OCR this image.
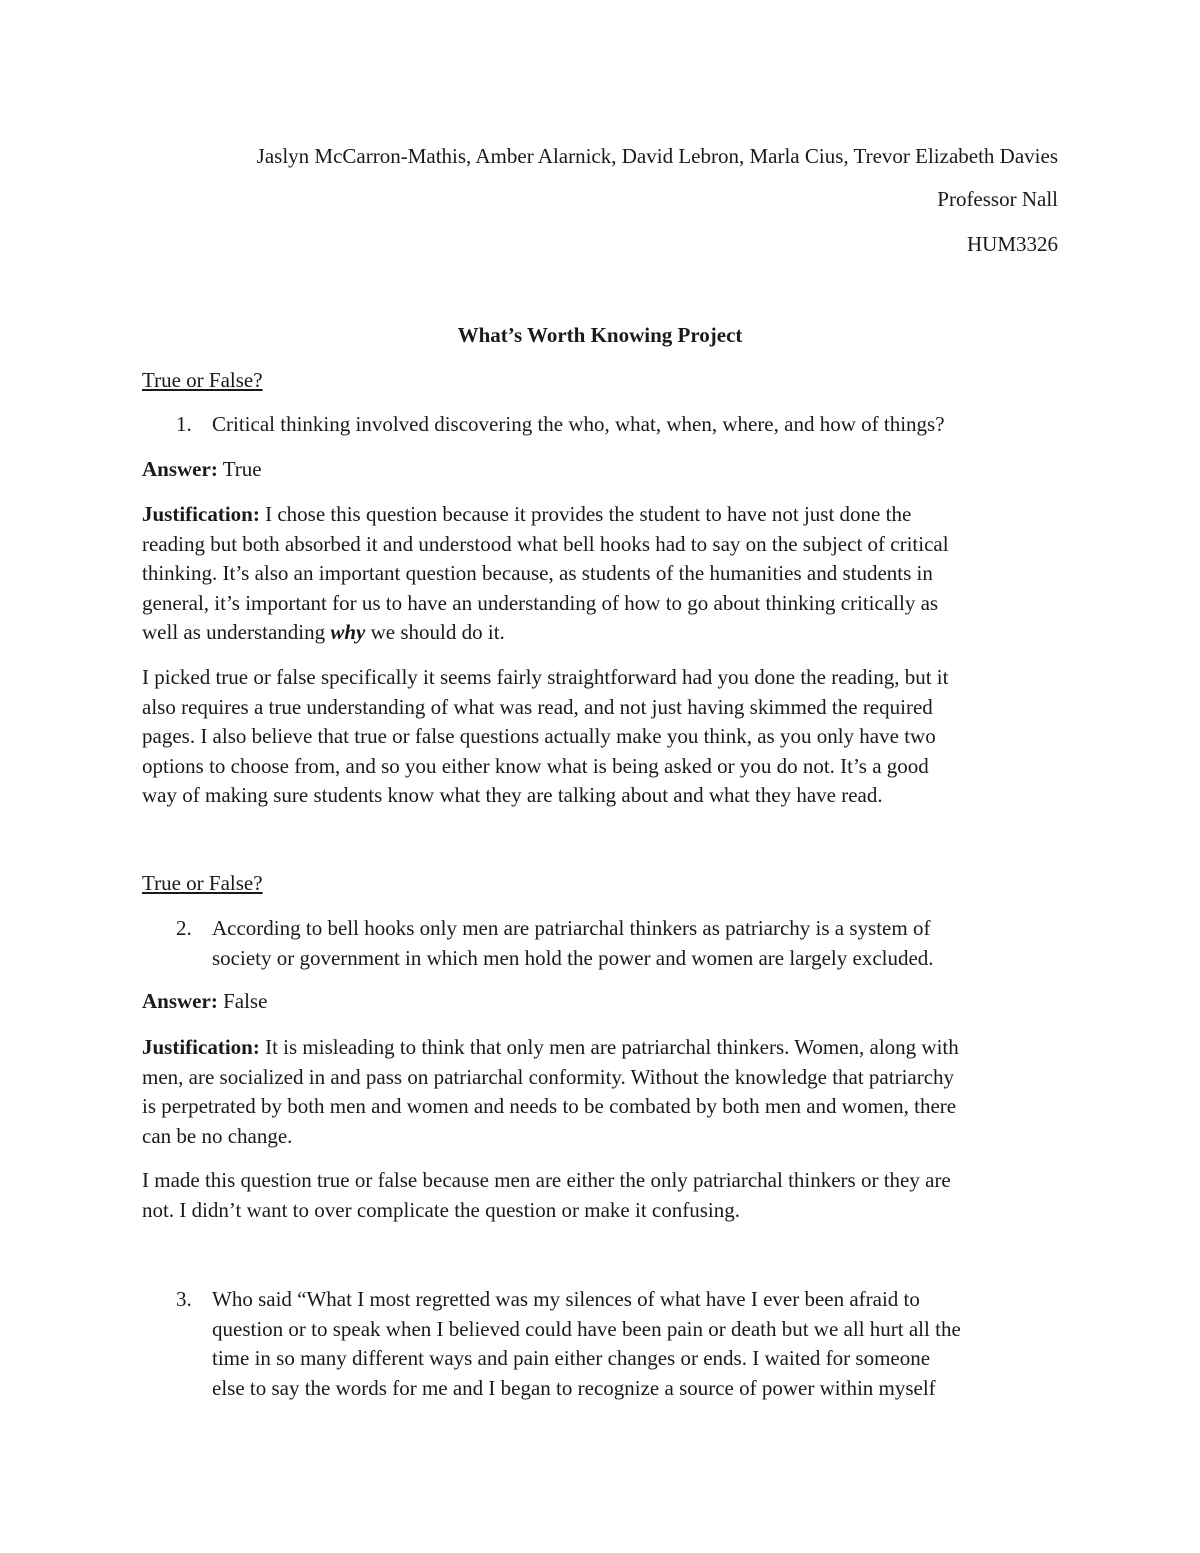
Jaslyn McCarron-Mathis, Amber Alarnick, David Lebron, Marla Cius, Trevor Elizabeth Davies
Professor Nall
HUM3326
What’s Worth Knowing Project
True or False?
1. Critical thinking involved discovering the who, what, when, where, and how of things?
Answer: True
Justification: I chose this question because it provides the student to have not just done the
reading but both absorbed it and understood what bell hooks had to say on the subject of critical
thinking. It’s also an important question because, as students of the humanities and students in
general, it’s important for us to have an understanding of how to go about thinking critically as
well as understanding why we should do it.
I picked true or false specifically it seems fairly straightforward had you done the reading, but it
also requires a true understanding of what was read, and not just having skimmed the required
pages. I also believe that true or false questions actually make you think, as you only have two
options to choose from, and so you either know what is being asked or you do not. It’s a good
way of making sure students know what they are talking about and what they have read.
True or False?
2. According to bell hooks only men are patriarchal thinkers as patriarchy is a system of
society or government in which men hold the power and women are largely excluded.
Answer: False
Justification: It is misleading to think that only men are patriarchal thinkers. Women, along with
men, are socialized in and pass on patriarchal conformity. Without the knowledge that patriarchy
is perpetrated by both men and women and needs to be combated by both men and women, there
can be no change.
I made this question true or false because men are either the only patriarchal thinkers or they are
not. I didn’t want to over complicate the question or make it confusing.
3. Who said “What I most regretted was my silences of what have I ever been afraid to
question or to speak when I believed could have been pain or death but we all hurt all the
time in so many different ways and pain either changes or ends. I waited for someone
else to say the words for me and I began to recognize a source of power within myself
